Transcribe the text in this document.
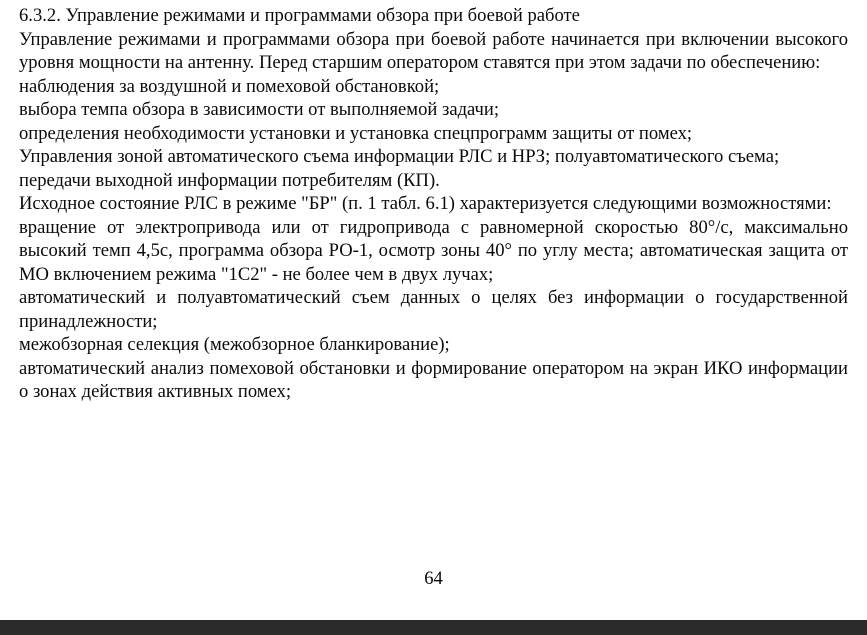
6.3.2. Управление режимами и программами обзора при боевой работе

Управление режимами и программами обзора при боевой работе начинается при включении высокого уровня мощности на антенну. Перед старшим оператором ставятся при этом задачи по обеспечению:

наблюдения за воздушной и помеховой обстановкой;

выбора темпа обзора в зависимости от выполняемой задачи;

определения необходимости установки и установка спецпрограмм защиты от помех;

Управления зоной автоматического съема информации РЛС и НРЗ; полуавтоматического съема;

передачи выходной информации потребителям (КП).

Исходное состояние РЛС в режиме "БР" (п. 1 табл. 6.1) характеризуется следующими возможностями:

вращение от электропривода или от гидропривода с равномерной скоростью 80°/c, максимально высокий темп 4,5с, программа обзора РО-1, осмотр зоны 40° по углу места; автоматическая защита от МО включением режима "1С2" - не более чем в двух лучах;

автоматический и полуавтоматический съем данных о целях без информации о государственной принадлежности;

межобзорная селекция (межобзорное бланкирование);

автоматический анализ помеховой обстановки и формирование оператором на экран ИКО информации о зонах действия активных помех;

64
